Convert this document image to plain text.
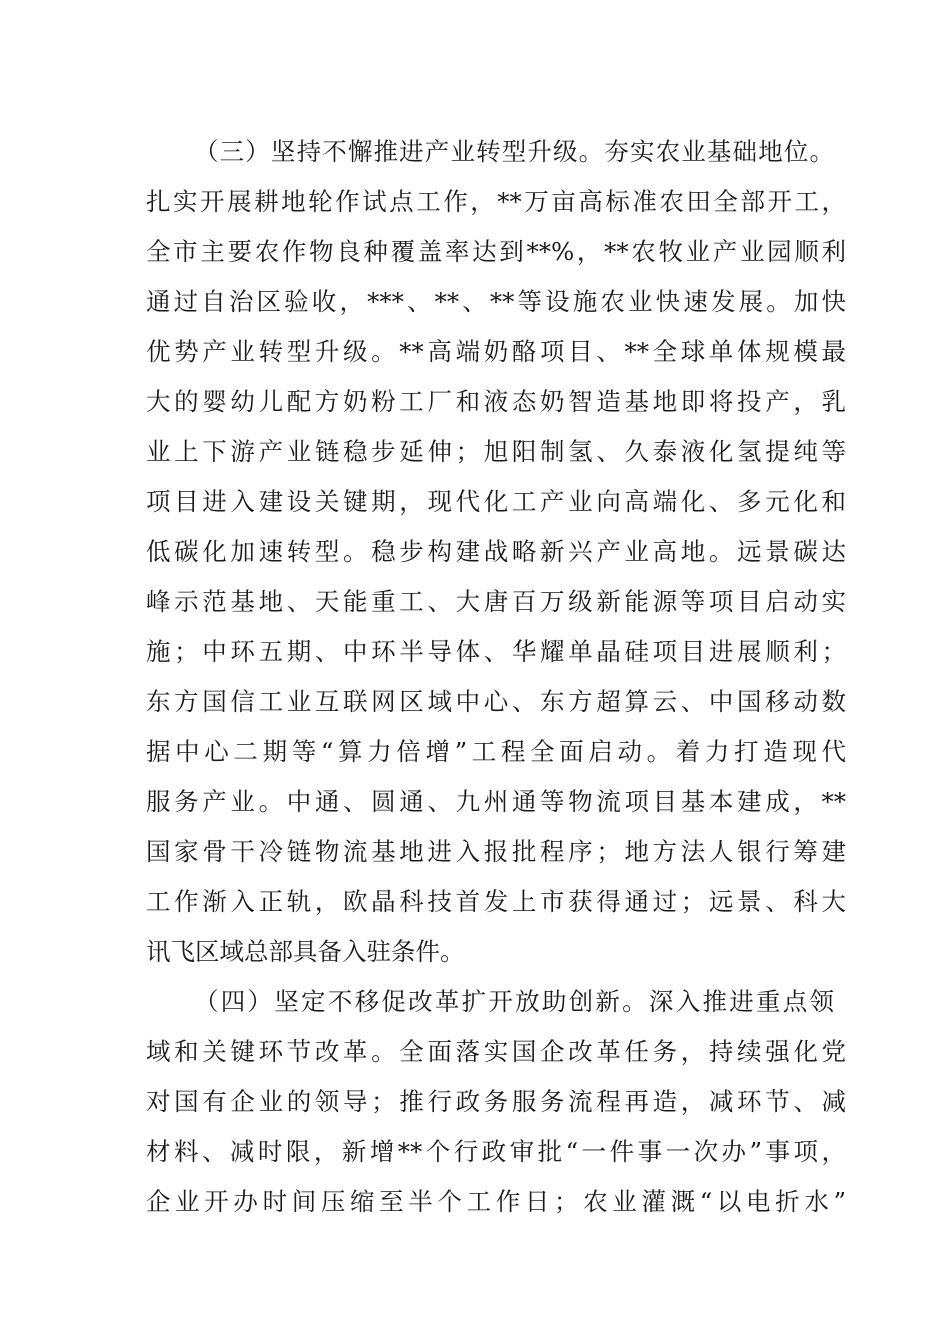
（三）坚持不懈推进产业转型升级。夯实农业基础地位。
扎实开展耕地轮作试点工作，**万亩高标准农田全部开工，
全市主要农作物良种覆盖率达到**%，**农牧业产业园顺利
通过自治区验收，***、**、**等设施农业快速发展。加快
优势产业转型升级。**高端奶酪项目、**全球单体规模最
大的婴幼儿配方奶粉工厂和液态奶智造基地即将投产，乳
业上下游产业链稳步延伸；旭阳制氢、久泰液化氢提纯等
项目进入建设关键期，现代化工产业向高端化、多元化和
低碳化加速转型。稳步构建战略新兴产业高地。远景碳达
峰示范基地、天能重工、大唐百万级新能源等项目启动实
施；中环五期、中环半导体、华耀单晶硅项目进展顺利；
东方国信工业互联网区域中心、东方超算云、中国移动数
据中心二期等“算力倍增”工程全面启动。着力打造现代
服务产业。中通、圆通、九州通等物流项目基本建成，**
国家骨干冷链物流基地进入报批程序；地方法人银行筹建
工作渐入正轨，欧晶科技首发上市获得通过；远景、科大
讯飞区域总部具备入驻条件。
（四）坚定不移促改革扩开放助创新。深入推进重点领
域和关键环节改革。全面落实国企改革任务，持续强化党
对国有企业的领导；推行政务服务流程再造，减环节、减
材料、减时限，新增**个行政审批“一件事一次办”事项，
企业开办时间压缩至半个工作日；农业灌溉“以电折水”
